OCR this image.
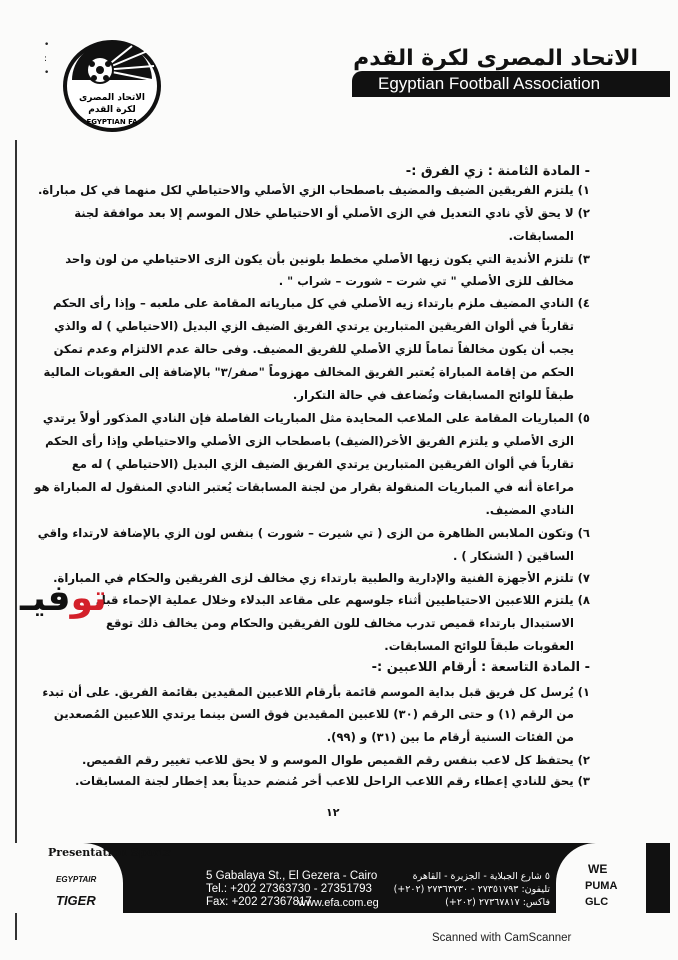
•
:
•
الاتحاد المصرى
لكرة القدم
EGYPTIAN FA
الاتحاد المصرى لكرة القدم
Egyptian Football Association
- المادة الثامنة : زي الفرق :-
١) يلتزم الفريقين الضيف والمضيف باصطحاب الزي الأصلي والاحتياطي لكل منهما في كل مباراة.
٢) لا يحق لأي نادي التعديل في الزى الأصلي أو الاحتياطي خلال الموسم إلا بعد موافقة لجنة
المسابقات.
٣) تلتزم الأندية التي يكون زيها الأصلي مخطط بلونين بأن يكون الزى الاحتياطي من لون واحد
مخالف للزى الأصلي " تي شرت – شورت – شراب " .
٤) النادي المضيف ملزم بارتداء زيه الأصلي في كل مبارياته المقامة على ملعبه – وإذا رأى الحكم
تقارباً في ألوان الفريقين المتبارين يرتدي الفريق الضيف الزي البديل (الاحتياطي ) له والذي
يجب أن يكون مخالفاً تماماً للزي الأصلي للفريق المضيف. وفى حالة عدم الالتزام وعدم تمكن
الحكم من إقامة المباراة يُعتبر الفريق المخالف مهزوماً "صفر/٣" بالإضافة إلى العقوبات المالية
طبقاً للوائح المسابقات وتُضاعف في حالة التكرار.
٥) المباريات المقامة على الملاعب المحايدة مثل المباريات الفاصلة فإن النادي المذكور أولاً يرتدي
الزى الأصلي و يلتزم الفريق الأخر(الضيف) باصطحاب الزى الأصلي والاحتياطي وإذا رأى الحكم
تقارباً في ألوان الفريقين المتبارين يرتدي الفريق الضيف الزي البديل (الاحتياطي ) له مع
مراعاة أنه في المباريات المنقولة بقرار من لجنة المسابقات يُعتبر النادي المنقول له المباراة هو
النادي المضيف.
٦) وتكون الملابس الظاهرة من الزى ( تي شيرت – شورت ) بنفس لون الزي بالإضافة لارتداء واقي
الساقين ( الشنكار ) .
٧) تلتزم الأجهزة الفنية والإدارية والطبية بارتداء زي مخالف لزى الفريقين والحكام في المباراة.
٨) يلتزم اللاعبين الاحتياطيين أثناء جلوسهم على مقاعد البدلاء وخلال عملية الإحماء قبل
الاستبدال بارتداء قميص تدرب مخالف للون الفريقين والحكام ومن يخالف ذلك توقع
العقوبات طبقاً للوائح المسابقات.
توفيـ
- المادة التاسعة : أرقام اللاعبين :-
١) يُرسل كل فريق قبل بداية الموسم قائمة بأرقام اللاعبين المقيدين بقائمة الفريق. على أن تبدء
من الرقم (١) و حتى الرقم (٣٠) للاعبين المقيدين فوق السن بينما يرتدي اللاعبين المُصعدين
من الفئات السنية أرقام ما بين (٣١) و (٩٩).
٢) يحتفظ كل لاعب بنفس رقم القميص طوال الموسم و لا يحق للاعب تغيير رقم القميص.
٣) يحق للنادي إعطاء رقم اللاعب الراحل للاعب أخر مُنضم حديثاً بعد إخطار لجنة المسابقات.
١٢
Presentation Sports
EGYPTAIR
TIGER
WE
PUMA
GLC
5 Gabalaya St., El Gezera - Cairo
Tel.: +202 27363730 - 27351793
Fax: +202 27367817
٥ شارع الجبلاية - الجزيرة - القاهرة
تليفون: ٢٧٣٥١٧٩٣ - ٢٧٣٦٣٧٣٠ (٢٠٢+)
فاكس: ٢٧٣٦٧٨١٧ (٢٠٢+)
www.efa.com.eg
Scanned with CamScanner
